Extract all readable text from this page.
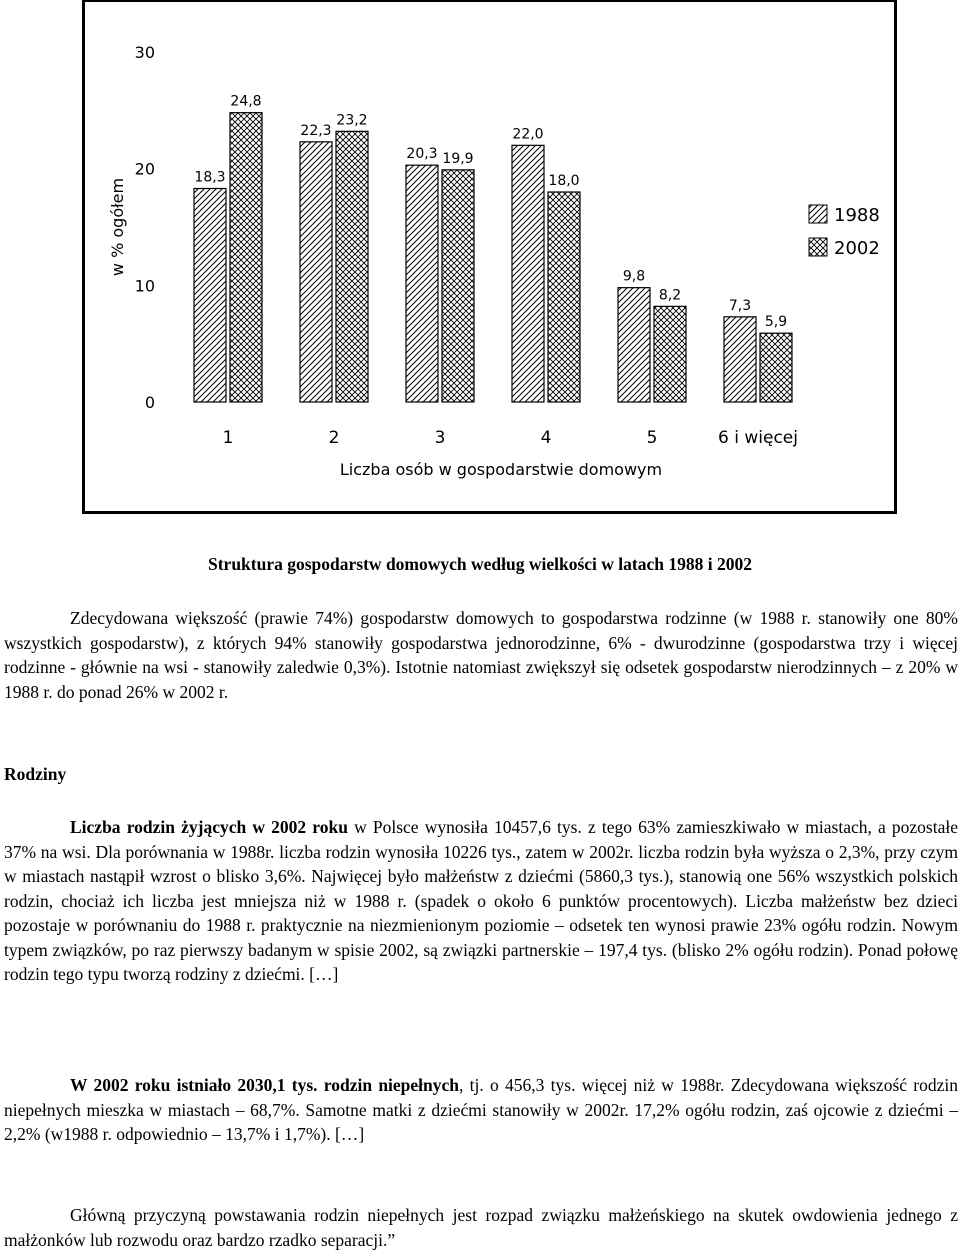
0
10
20
30
w % ogółem
1	2	3	4	5	6 i więcej
Liczba osób w gospodarstwie domowym
18,3
24,8
22,3
23,2
20,3 19,9
22,0
18,0
9,8
8,2
7,3
5,9
1988
2002

Struktura gospodarstw domowych według wielkości w latach 1988 i 2002

Zdecydowana większość (prawie 74%) gospodarstw domowych to gospodarstwa rodzinne (w 1988 r. stanowiły one 80% wszystkich gospodarstw), z których 94% stanowiły gospodarstwa jednorodzinne, 6% - dwurodzinne (gospodarstwa trzy i więcej rodzinne - głównie na wsi - stanowiły zaledwie 0,3%). Istotnie natomiast zwiększył się odsetek gospodarstw nierodzinnych – z 20% w 1988 r. do ponad 26% w 2002 r.

Rodziny

Liczba rodzin żyjących w 2002 roku w Polsce wynosiła 10457,6 tys. z tego 63% zamieszkiwało w miastach, a pozostałe 37% na wsi. Dla porównania w 1988r. liczba rodzin wynosiła 10226 tys., zatem w 2002r. liczba rodzin była wyższa o 2,3%, przy czym w miastach nastąpił wzrost o blisko 3,6%. Najwięcej było małżeństw z dziećmi (5860,3 tys.), stanowią one 56% wszystkich polskich rodzin, chociaż ich liczba jest mniejsza niż w 1988 r. (spadek o około 6 punktów procentowych). Liczba małżeństw bez dzieci pozostaje w porównaniu do 1988 r. praktycznie na niezmienionym poziomie – odsetek ten wynosi prawie 23% ogółu rodzin. Nowym typem związków, po raz pierwszy badanym w spisie 2002, są związki partnerskie – 197,4 tys. (blisko 2% ogółu rodzin). Ponad połowę rodzin tego typu tworzą rodziny z dziećmi. […]

W 2002 roku istniało 2030,1 tys. rodzin niepełnych, tj. o 456,3 tys. więcej niż w 1988r. Zdecydowana większość rodzin niepełnych mieszka w miastach – 68,7%. Samotne matki z dziećmi stanowiły w 2002r. 17,2% ogółu rodzin, zaś ojcowie z dziećmi – 2,2% (w1988 r. odpowiednio – 13,7% i 1,7%). […]

Główną przyczyną powstawania rodzin niepełnych jest rozpad związku małżeńskiego na skutek owdowienia jednego z małżonków lub rozwodu oraz bardzo rzadko separacji.”
